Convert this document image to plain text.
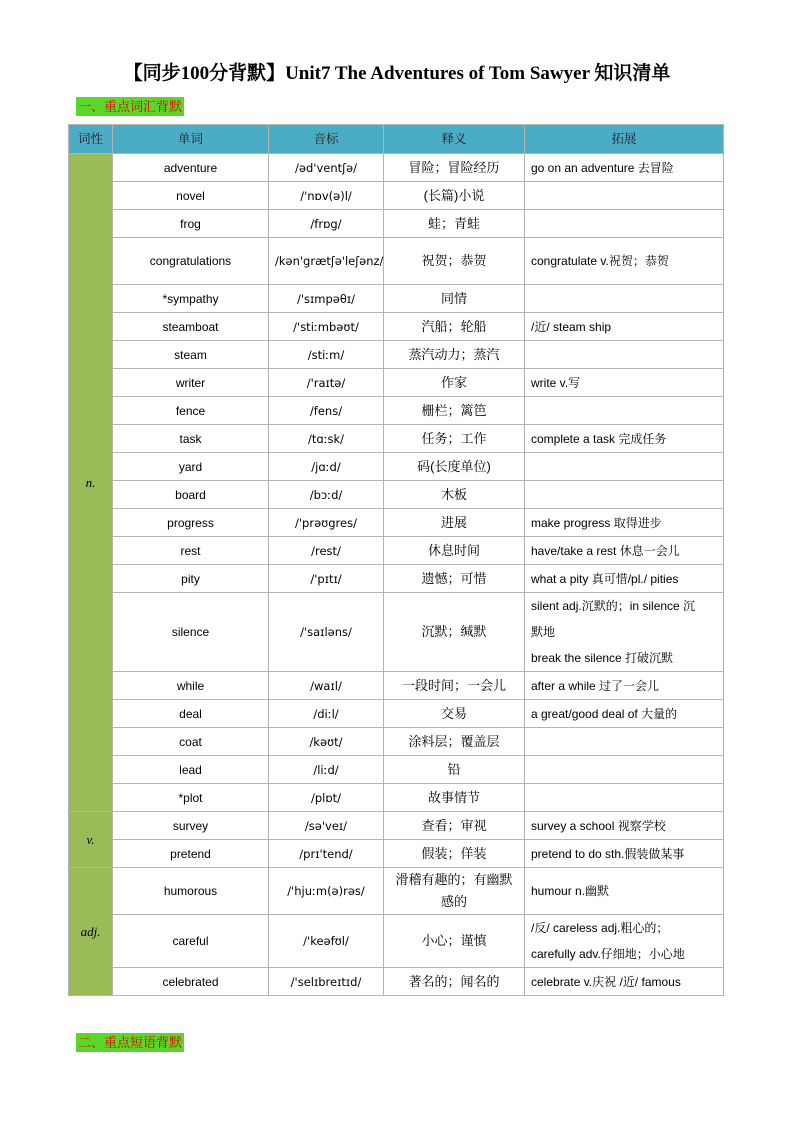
【同步100分背默】Unit7 The Adventures of Tom Sawyer 知识清单
一、重点词汇背默
词性	单词	音标	释义	拓展
n.	adventure	/əd'ventʃə/	冒险；冒险经历	go on an adventure 去冒险
	novel	/'nɒv(ə)l/	(长篇)小说	
	frog	/frɒg/	蛙；青蛙	
	congratulations	/kən'grætʃə'leʃənz/	祝贺；恭贺	congratulate v.祝贺；恭贺
	*sympathy	/'sɪmpəθɪ/	同情	
	steamboat	/'stiːmbəʊt/	汽船；轮船	/近/ steam ship
	steam	/stiːm/	蒸汽动力；蒸汽	
	writer	/'raɪtə/	作家	write v.写
	fence	/fens/	栅栏；篱笆	
	task	/tɑːsk/	任务；工作	complete a task 完成任务
	yard	/jɑːd/	码(长度单位)	
	board	/bɔːd/	木板	
	progress	/'prəʊgres/	进展	make progress 取得进步
	rest	/rest/	休息时间	have/take a rest 休息一会儿
	pity	/'pɪtɪ/	遗憾；可惜	what a pity 真可惜/pl./ pities
	silence	/'saɪləns/	沉默；缄默	silent adj.沉默的；in silence 沉
默地
break the silence 打破沉默

	while	/waɪl/	一段时间；一会儿	after a while 过了一会儿
	deal	/diːl/	交易	a great/good deal of 大量的
	coat	/kəʊt/	涂料层；覆盖层	
	lead	/liːd/	铅	
	*plot	/plɒt/	故事情节	
v.	survey	/sə'veɪ/	查看；审视	survey a school 视察学校
	pretend	/prɪ'tend/	假装；佯装	pretend to do sth.假装做某事
adj.	humorous	/'hjuːm(ə)rəs/	滑稽有趣的；有幽默感的	humour n.幽默
	careful	/'keəfʊl/	小心；谨慎	/反/ careless adj.粗心的；
carefully adv.仔细地；小心地

	celebrated	/'selɪbreɪtɪd/	著名的；闻名的	celebrate v.庆祝 /近/ famous
二、重点短语背默
